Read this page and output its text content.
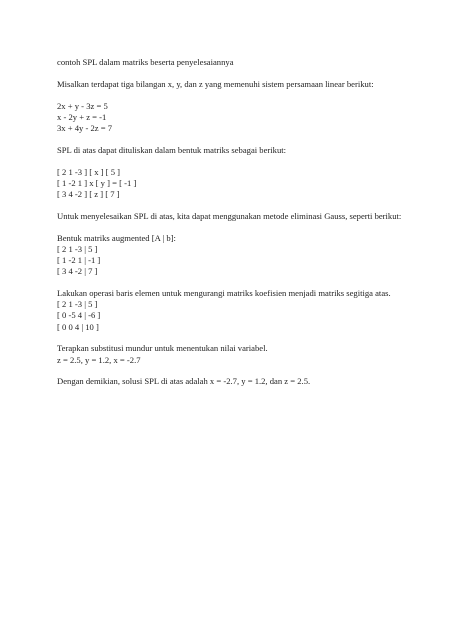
contoh SPL dalam matriks beserta penyelesaiannya
Misalkan terdapat tiga bilangan x, y, dan z yang memenuhi sistem persamaan linear berikut:
2x + y - 3z = 5
x - 2y + z = -1
3x + 4y - 2z = 7
SPL di atas dapat dituliskan dalam bentuk matriks sebagai berikut:
[ 2 1 -3 ] [ x ] [ 5 ]
[ 1 -2 1 ] x [ y ] = [ -1 ]
[ 3 4 -2 ] [ z ] [ 7 ]
Untuk menyelesaikan SPL di atas, kita dapat menggunakan metode eliminasi Gauss, seperti berikut:
Bentuk matriks augmented [A | b]:
[ 2 1 -3 | 5 ]
[ 1 -2 1 | -1 ]
[ 3 4 -2 | 7 ]
Lakukan operasi baris elemen untuk mengurangi matriks koefisien menjadi matriks segitiga atas.
[ 2 1 -3 | 5 ]
[ 0 -5 4 | -6 ]
[ 0 0 4 | 10 ]
Terapkan substitusi mundur untuk menentukan nilai variabel.
z = 2.5, y = 1.2, x = -2.7
Dengan demikian, solusi SPL di atas adalah x = -2.7, y = 1.2, dan z = 2.5.
